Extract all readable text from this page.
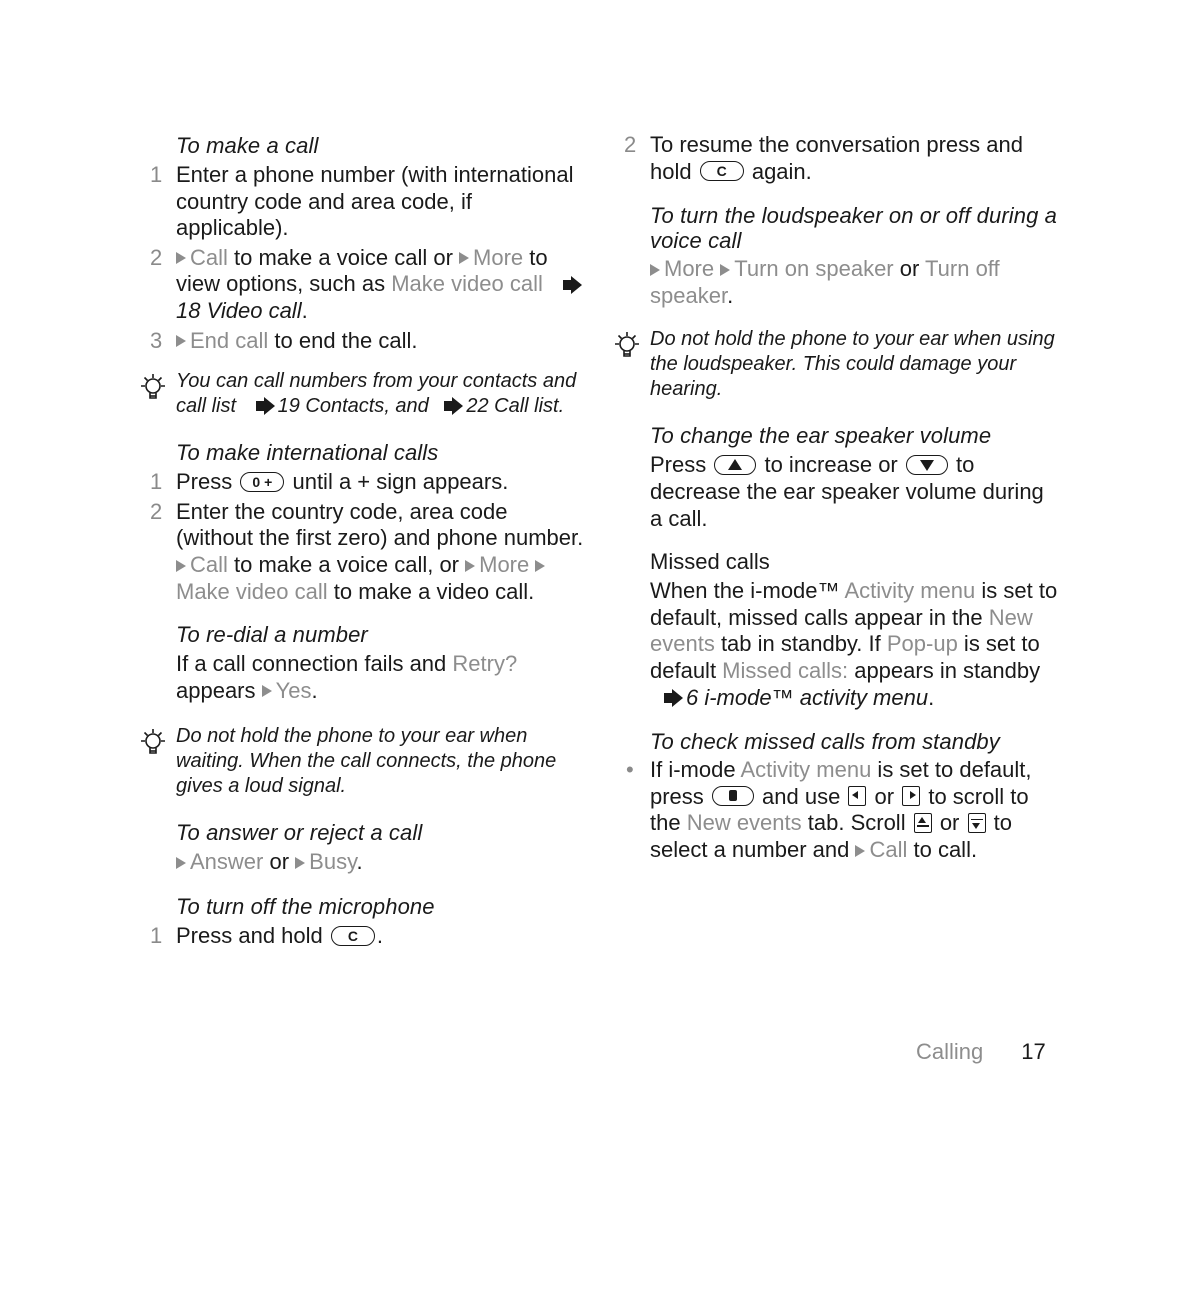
To make a call
1 Enter a phone number (with international country code and area code, if applicable).
2 Call to make a voice call or More to view options, such as Make video call 18 Video call.
3 End call to end the call.
You can call numbers from your contacts and call list 19 Contacts, and 22 Call list.
To make international calls
1 Press 0 + until a + sign appears.
2 Enter the country code, area code (without the first zero) and phone number. Call to make a voice call, or More Make video call to make a video call.
To re-dial a number

If a call connection fails and Retry? appears Yes.

Do not hold the phone to your ear when waiting. When the call connects, the phone gives a loud signal.
To answer or reject a call

Answer or Busy.

To turn off the microphone
1 Press and hold C .
2 To resume the conversation press and hold C again.
To turn the loudspeaker on or off during a voice call

More Turn on speaker or Turn off speaker.

Do not hold the phone to your ear when using the loudspeaker. This could damage your hearing.
To change the ear speaker volume

Press  to increase or  to decrease the ear speaker volume during a call.

Missed calls

When the i-mode™ Activity menu is set to default, missed calls appear in the New events tab in standby. If Pop-up is set to default Missed calls: appears in standby 6 i-mode™ activity menu.

To check missed calls from standby
• If i-mode Activity menu is set to default, press  and use  or  to scroll to the New events tab. Scroll  or  to select a number and Call to call.
Calling 17
